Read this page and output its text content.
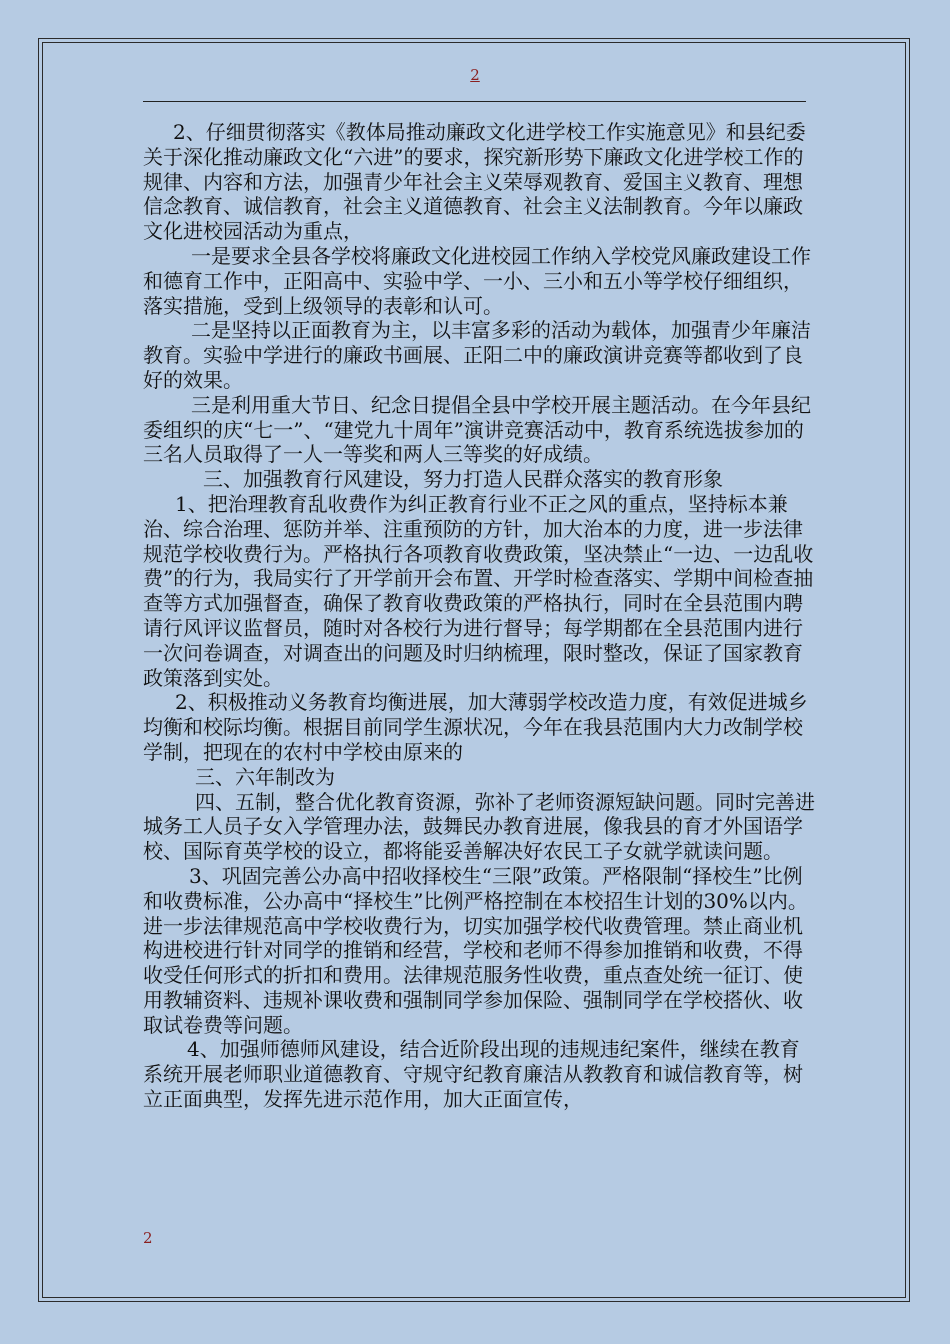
2

2、仔细贯彻落实《教体局推动廉政文化进学校工作实施意见》和县纪委关于深化推动廉政文化“六进”的要求，探究新形势下廉政文化进学校工作的规律、内容和方法，加强青少年社会主义荣辱观教育、爱国主义教育、理想信念教育、诚信教育，社会主义道德教育、社会主义法制教育。今年以廉政文化进校园活动为重点，

一是要求全县各学校将廉政文化进校园工作纳入学校党风廉政建设工作和德育工作中，正阳高中、实验中学、一小、三小和五小等学校仔细组织，落实措施，受到上级领导的表彰和认可。

二是坚持以正面教育为主，以丰富多彩的活动为载体，加强青少年廉洁教育。实验中学进行的廉政书画展、正阳二中的廉政演讲竞赛等都收到了良好的效果。

三是利用重大节日、纪念日提倡全县中学校开展主题活动。在今年县纪委组织的庆“七一”、“建党九十周年”演讲竞赛活动中，教育系统选拔参加的三名人员取得了一人一等奖和两人三等奖的好成绩。

三、加强教育行风建设，努力打造人民群众落实的教育形象

1、把治理教育乱收费作为纠正教育行业不正之风的重点，坚持标本兼治、综合治理、惩防并举、注重预防的方针，加大治本的力度，进一步法律规范学校收费行为。严格执行各项教育收费政策，坚决禁止“一边、一边乱收费”的行为，我局实行了开学前开会布置、开学时检查落实、学期中间检查抽查等方式加强督查，确保了教育收费政策的严格执行，同时在全县范围内聘请行风评议监督员，随时对各校行为进行督导；每学期都在全县范围内进行一次问卷调查，对调查出的问题及时归纳梳理，限时整改，保证了国家教育政策落到实处。

2、积极推动义务教育均衡进展，加大薄弱学校改造力度，有效促进城乡均衡和校际均衡。根据目前同学生源状况，今年在我县范围内大力改制学校学制，把现在的农村中学校由原来的

三、六年制改为

四、五制，整合优化教育资源，弥补了老师资源短缺问题。同时完善进城务工人员子女入学管理办法，鼓舞民办教育进展，像我县的育才外国语学校、国际育英学校的设立，都将能妥善解决好农民工子女就学就读问题。

3、巩固完善公办高中招收择校生“三限”政策。严格限制“择校生”比例和收费标准，公办高中“择校生”比例严格控制在本校招生计划的30%以内。进一步法律规范高中学校收费行为，切实加强学校代收费管理。禁止商业机构进校进行针对同学的推销和经营，学校和老师不得参加推销和收费，不得收受任何形式的折扣和费用。法律规范服务性收费，重点查处统一征订、使用教辅资料、违规补课收费和强制同学参加保险、强制同学在学校搭伙、收取试卷费等问题。

4、加强师德师风建设，结合近阶段出现的违规违纪案件，继续在教育系统开展老师职业道德教育、守规守纪教育廉洁从教教育和诚信教育等，树立正面典型，发挥先进示范作用，加大正面宣传，

2
